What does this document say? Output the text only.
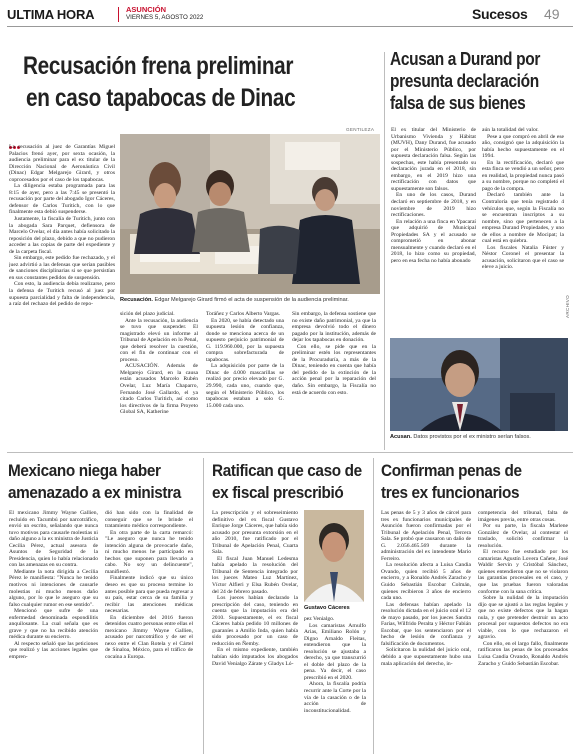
ULTIMA HORA	ASUNCIÓN
VIERNES 5, AGOSTO 2022	Sucesos 49
Recusación frena preliminar
en caso tapabocas de Dinac
GENTILEZA
Recusación. Edgar Melgarejo Girard firmó el acta de suspensión de la audiencia preliminar.

La recusación al juez de Garantías Miguel Palacios frenó ayer, por sexta ocasión, la audiencia preliminar para el ex titular de la Dirección Nacional de Aeronáutica Civil (Dinac) Edgar Melgarejo Girard, y otros coprocesados por el caso de los tapabocas.

La diligencia estaba programada para las 8:15 de ayer, pero a las 7:45 se presentó la recusación por parte del abogado Igor Cáceres, defensor de Carlos Turitich, con lo que finalmente esta debió suspenderse.

Justamente, la fiscalía de Turitich, junto con la abogada Sara Parquet, defiensora de Marcelo Ovelar, el día antes había solicitado la reposición del plazo, debido a que no pudieron acceder a las copias de parte del expediente y de la carpeta fiscal.

Sin embargo, este pedido fue rechazado, y el juez advirtió a las defensas que serían pasibles de sanciones disciplinarias si se que persistían en sus constantes pedidos de suspensión.

Con esto, la audiencia debía realizarse, pero la defensa de Turitich recusó al juez por supuesta parcialidad y falta de independencia, a raíz del rechazo del pedido de repo-

sición del plazo judicial.

Ante la recusación, la audiencia se tuvo que suspender. El magistrado elevó un informe al Tribunal de Apelación en lo Penal, que deberá resolver la cuestión, con el fin de continuar con el proceso.

ACUSACIÓN. Además de Melgarejo Girard, en la causa están acusados Marcelo Rubén Ovelar, Luz María Chaparro, Fernando José Gallardo, el ya citado Carlos Turitich, así como los directivos de la firma Proyeto Global SA, Katherine

Toráñez y Carlos Alberto Vargas.

En 2020, se había detectado una supuesta lesión de confianza, donde se menciona acerca de un supuesto perjuicio patrimonial de G. 119.960.000, por la supuesta compra sobrefacturada de tapabocas.

La adquisición por parte de la Dinac de 4.000 mascarillas se realizó por precio elevado por G. 29.990, cada uno, cuando que, según el Ministerio Público, los tapabocas estaban a solo G. 15.000 cada uno.

Sin embargo, la defensa sostiene que no existe daño patrimonial, ya que la empresa devolvió todo el dinero pagado por la institución, además de dejar los tapabocas en donación.

Con ello, se pide que en la preliminar estén los representantes de la Procuraduría, a más de la Dinac, teniendo en cuenta que había del pedido de la extinción de la acción penal por la reparación del daño. Sin embargo, la Fiscalía no está de acuerdo con esto.

Acusan a Durand por
presunta declaración
falsa de sus bienes

El ex titular del Ministerio de Urbanismo Vivienda y Hábitat (MUVH), Dany Durand, fue acusado por el Ministerio Público, por supuesta declaración falsa. Según las sospechas, este había presentado su declaración jurada en el 2018, sin embargo, en el 2019 hizo una rectificación con datos que supuestamente son falsos.

En uno de los casos, Durand declaró en septiembre de 2018, y en noviembre de 2019 hizo rectificaciones.

En relación a una finca en Ypacaraí que adquirió de Municipal Propiedades SA y el acusado se comprometió en abonar mensualmente y cuando declaró en el 2018, lo hizo como su propiedad, pero en esa fecha no había abonado

aún la totalidad del valor.

Pese a que compró en abril de ese año, consignó que la adquisición la había hecho supuestamente en el 1994.

En la rectificación, declaró que esta finca se vendió a un señor, pero en realidad, la propiedad nunca pasó a su nombre, porque no completó el pago de la compra.

Declaró también ante la Contraloría que tenía registrado 4 vehículos que, según la Fiscalía no se encuentran inscriptos a su nombre, sino que pertenecen a la empresa Durand Propiedades, y uno de ellos a nombre de Mocipat; la cual está en quiebra.

Los fiscales Natalia Fúster y Néstor Coronel el presentar la acusación, solicitaron que el caso se eleve a juicio.

ARCHIVO
Acusan. Datos provistos por el ex ministro serían falsos.
Mexicano niega haber
amenazado a ex ministra

El mexicano Jimmy Wayne Gallien, recluido en Tacumbú por narcotráfico, envió un escrito, señalando que nunca tuvo motivos para causarle molestias ni daño alguno a la ex ministra de Justicia Cecilia Pérez, actual asesora de Asuntos de Seguridad de la Presidencia, quien lo había relacionado con las amenazas en su contra.

Mediante la nota dirigida a Cecilia Pérez le manifiesta: "Nunca he tenido motivos ni intenciones de causarle molestias ni mucho menos daño alguno, por lo que le aseguro que su falso cualquier rumor en ese sentido".

Mencionó que sufre de una enfermedad denominada espondilitis anquilosante. La cual señala que es grave y que no ha recibido atención médica durante su encierro.

Al respecto señaló que las peticiones que realizó y las acciones legales que empren-

dió han sido con la finalidad de conseguir que se le brinde el tratamiento médico correspondiente.

En otra parte de la carta remarcó: "Le aseguro que nunca he tenido intención alguna de provocarle daño, ni mucho menos he participado en hechos que suponen para llevarlo a cabo. No soy un delincuente", manifiestó.

Finalmente indicó que su único deseo es que su proceso termine lo antes posible para que pueda regresar a su país, estar cerca de su familia y recibir las atenciones médicas necesarias.

En diciembre del 2016 fueron detenidos cuatro personas entre ellas el mexicano Jimmy Wayne Gallien, acusado por narcotráfico y de ser el nexo entre el Clan Rotela y el Cártel de Sinaloa, México, para el tráfico de cocaína a Europa.

Ratifican que caso de
ex fiscal prescribió

La prescripción y el sobreseimiento definitivo del ex fiscal Gustavo Enrique Jorge Cáceres, que había sido acusado por presunta extorsión en el año 2010, fue ratificado por el Tribunal de Apelación Penal, Cuarta Sala.

El fiscal Juan Manuel Ledesma había apelado la resolución del Tribunal de Sentencia integrado por los jueces Mateo Luz Martínez, Víctor Alfieri y Elsa Rubén Ovelar, del 24 de febrero pasado.

Los jueces habían declarado la prescripción del caso, teniendo en cuenta que la imputación era del 2010. Supuestamente, el ex fiscal Cáceres había pedido 10 millones de guaraníes a Amilio Inda, quien había sido procesado por un caso de reducción en Ñemby.

En el mismo expediente, también habían sido imputados los abogados David Venialgo Zárate y Gladys Ló-

Gustavo Cáceres

pez Venialgo.

Los camaristas Arnulfo Arias, Emiliano Rolón y Digno Arnaldo Fleitas, entendieron que la resolución se ajustaba a derecho, ya que transcurrió el doble del plazo de la pena. Ya decir, el caso prescribió en el 2020.

Ahora, la fiscalía podría recurrir ante la Corte por la vía de la casación o de la acción de inconstitucionalidad.

Confirman penas de
tres ex funcionarios

Las penas de 5 y 3 años de cárcel para tres ex funcionarios municipales de Asunción fueron confirmadas por el Tribunal de Apelación Penal, Tercera Sala. Se probó que causaron un daño de G. 2.056.465.569 durante la administración del ex intendente Mario Ferreiro.

La resolución afecta a Luisa Candia Ovando, quien recibió 5 años de encierro, y a Ronaldo Andrés Zaracho y Guido Sebastián Escobar Colmán, quienes recibieron 3 años de encierro cada uno.

Las defensas habían apelado la resolución dictada en el juicio oral el 12 de mayo pasado, por los jueces Sandra Farías, Wilfrido Peralta y Héctor Fabián Escobar, que los sentenciaron por el hecho de lesión de confianza y falsificación de documentos.

Solicitaron la nulidad del juicio oral, debido a que supuestamente hubo una mala aplicación del derecho, in-

competencia del tribunal, falta de imágenes previa, entre otras cosas.

Por su parte, la fiscala Marlene González de Ovelar, al contestar el traslado, solicitó confirmar la resolución.

El recurso fue estudiado por los camaristas Agustín Lovera Cañete, José Waldir Servín y Cristóbal Sánchez, quienes entendieron que no se violaron las garantías procesales en el caso, y que las pruebas fueron valoradas conforme con la sana crítica.

Sobre la nulidad de la imputación dijo que se ajustó a las reglas legales y que no existe defectos que la hagan nula, y que pretender destruir un acto procesal por supuestos defectos no era viable, con lo que rechazaron el agravio.

Con ello, en el largo fallo, finalmente ratificaron las penas de los procesados Luisa Candia Ovando, Ronaldo Andrés Zaracho y Guido Sebastián Escobar.
